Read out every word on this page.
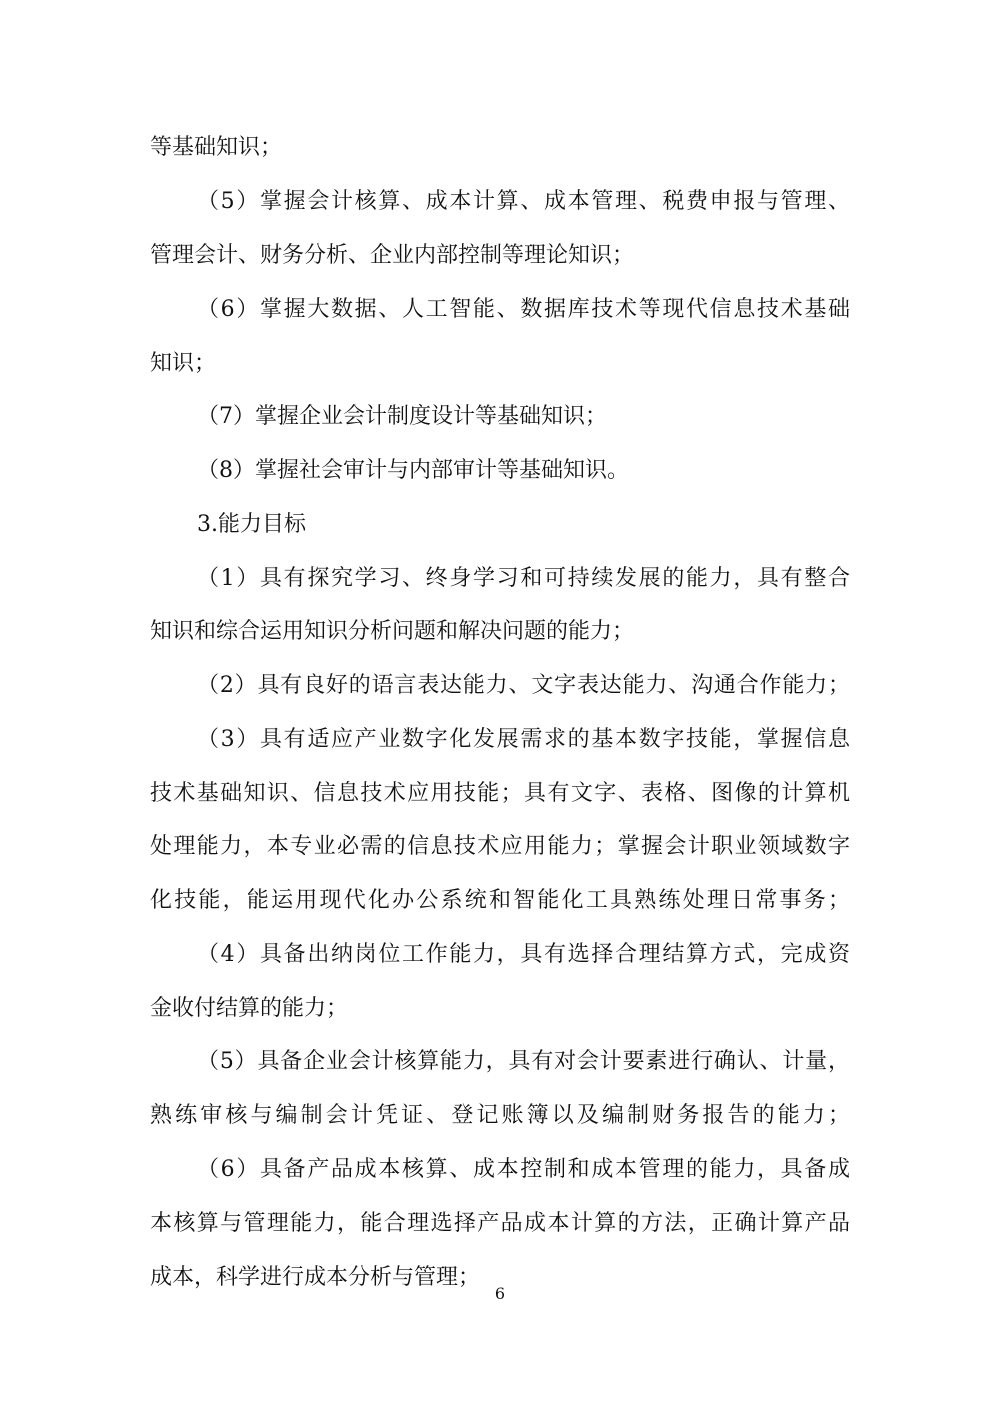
等基础知识；
（5）掌握会计核算、成本计算、成本管理、税费申报与管理、
管理会计、财务分析、企业内部控制等理论知识；
（6）掌握大数据、人工智能、数据库技术等现代信息技术基础
知识；
（7）掌握企业会计制度设计等基础知识；
（8）掌握社会审计与内部审计等基础知识。
3.能力目标
（1）具有探究学习、终身学习和可持续发展的能力，具有整合
知识和综合运用知识分析问题和解决问题的能力；
（2）具有良好的语言表达能力、文字表达能力、沟通合作能力；
（3）具有适应产业数字化发展需求的基本数字技能，掌握信息
技术基础知识、信息技术应用技能；具有文字、表格、图像的计算机
处理能力，本专业必需的信息技术应用能力；掌握会计职业领域数字
化技能，能运用现代化办公系统和智能化工具熟练处理日常事务；
（4）具备出纳岗位工作能力，具有选择合理结算方式，完成资
金收付结算的能力；
（5）具备企业会计核算能力，具有对会计要素进行确认、计量，
熟练审核与编制会计凭证、登记账簿以及编制财务报告的能力；
（6）具备产品成本核算、成本控制和成本管理的能力，具备成
本核算与管理能力，能合理选择产品成本计算的方法，正确计算产品
成本，科学进行成本分析与管理；
6
